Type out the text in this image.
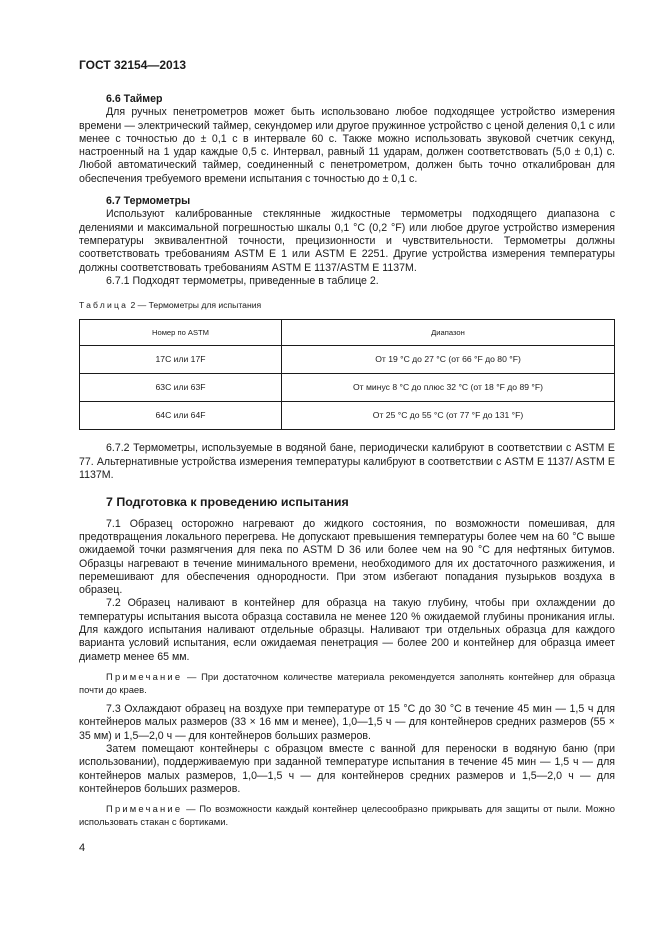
ГОСТ 32154—2013

6.6 Таймер

Для ручных пенетрометров может быть использовано любое подходящее устройство измерения времени — электрический таймер, секундомер или другое пружинное устройство с ценой деления 0,1 с или менее с точностью до ± 0,1 с в интервале 60 с. Также можно использовать звуковой счетчик секунд, настроенный на 1 удар каждые 0,5 с. Интервал, равный 11 ударам, должен соответствовать (5,0 ± 0,1) с. Любой автоматический таймер, соединенный с пенетрометром, должен быть точно откалиброван для обеспечения требуемого времени испытания с точностью до ± 0,1 с.

6.7 Термометры

Используют калиброванные стеклянные жидкостные термометры подходящего диапазона с делениями и максимальной погрешностью шкалы 0,1 °С (0,2 °F) или любое другое устройство измерения температуры эквивалентной точности, прецизионности и чувствительности. Термометры должны соответствовать требованиям ASTM E 1 или ASTM E 2251. Другие устройства измерения температуры должны соответствовать требованиям ASTM E 1137/ASTM E 1137M.

6.7.1 Подходят термометры, приведенные в таблице 2.

Таблица 2 — Термометры для испытания

Номер по ASTM	Диапазон
17С или 17F	От 19 °С до 27 °С (от 66 °F до 80 °F)
63С или 63F	От минус 8 °С до плюс 32 °С (от 18 °F до 89 °F)
64С или 64F	От 25 °С до 55 °С (от 77 °F до 131 °F)

6.7.2 Термометры, используемые в водяной бане, периодически калибруют в соответствии с ASTM E 77. Альтернативные устройства измерения температуры калибруют в соответствии с ASTM E 1137/ ASTM E 1137M.

7 Подготовка к проведению испытания

7.1 Образец осторожно нагревают до жидкого состояния, по возможности помешивая, для предотвращения локального перегрева. Не допускают превышения температуры более чем на 60 °С выше ожидаемой точки размягчения для пека по ASTM D 36 или более чем на 90 °С для нефтяных битумов. Образцы нагревают в течение минимального времени, необходимого для их достаточного разжижения, и перемешивают для обеспечения однородности. При этом избегают попадания пузырьков воздуха в образец.

7.2 Образец наливают в контейнер для образца на такую глубину, чтобы при охлаждении до температуры испытания высота образца составила не менее 120 % ожидаемой глубины проникания иглы. Для каждого испытания наливают отдельные образцы. Наливают три отдельных образца для каждого варианта условий испытания, если ожидаемая пенетрация — более 200 и контейнер для образца имеет диаметр менее 65 мм.

Примечание — При достаточном количестве материала рекомендуется заполнять контейнер для образца почти до краев.

7.3 Охлаждают образец на воздухе при температуре от 15 °С до 30 °С в течение 45 мин — 1,5 ч для контейнеров малых размеров (33 × 16 мм и менее), 1,0—1,5 ч — для контейнеров средних размеров (55 × 35 мм) и 1,5—2,0 ч — для контейнеров больших размеров.

Затем помещают контейнеры с образцом вместе с ванной для переноски в водяную баню (при использовании), поддерживаемую при заданной температуре испытания в течение 45 мин — 1,5 ч — для контейнеров малых размеров, 1,0—1,5 ч — для контейнеров средних размеров и 1,5—2,0 ч — для контейнеров больших размеров.

Примечание — По возможности каждый контейнер целесообразно прикрывать для защиты от пыли. Можно использовать стакан с бортиками.

4
